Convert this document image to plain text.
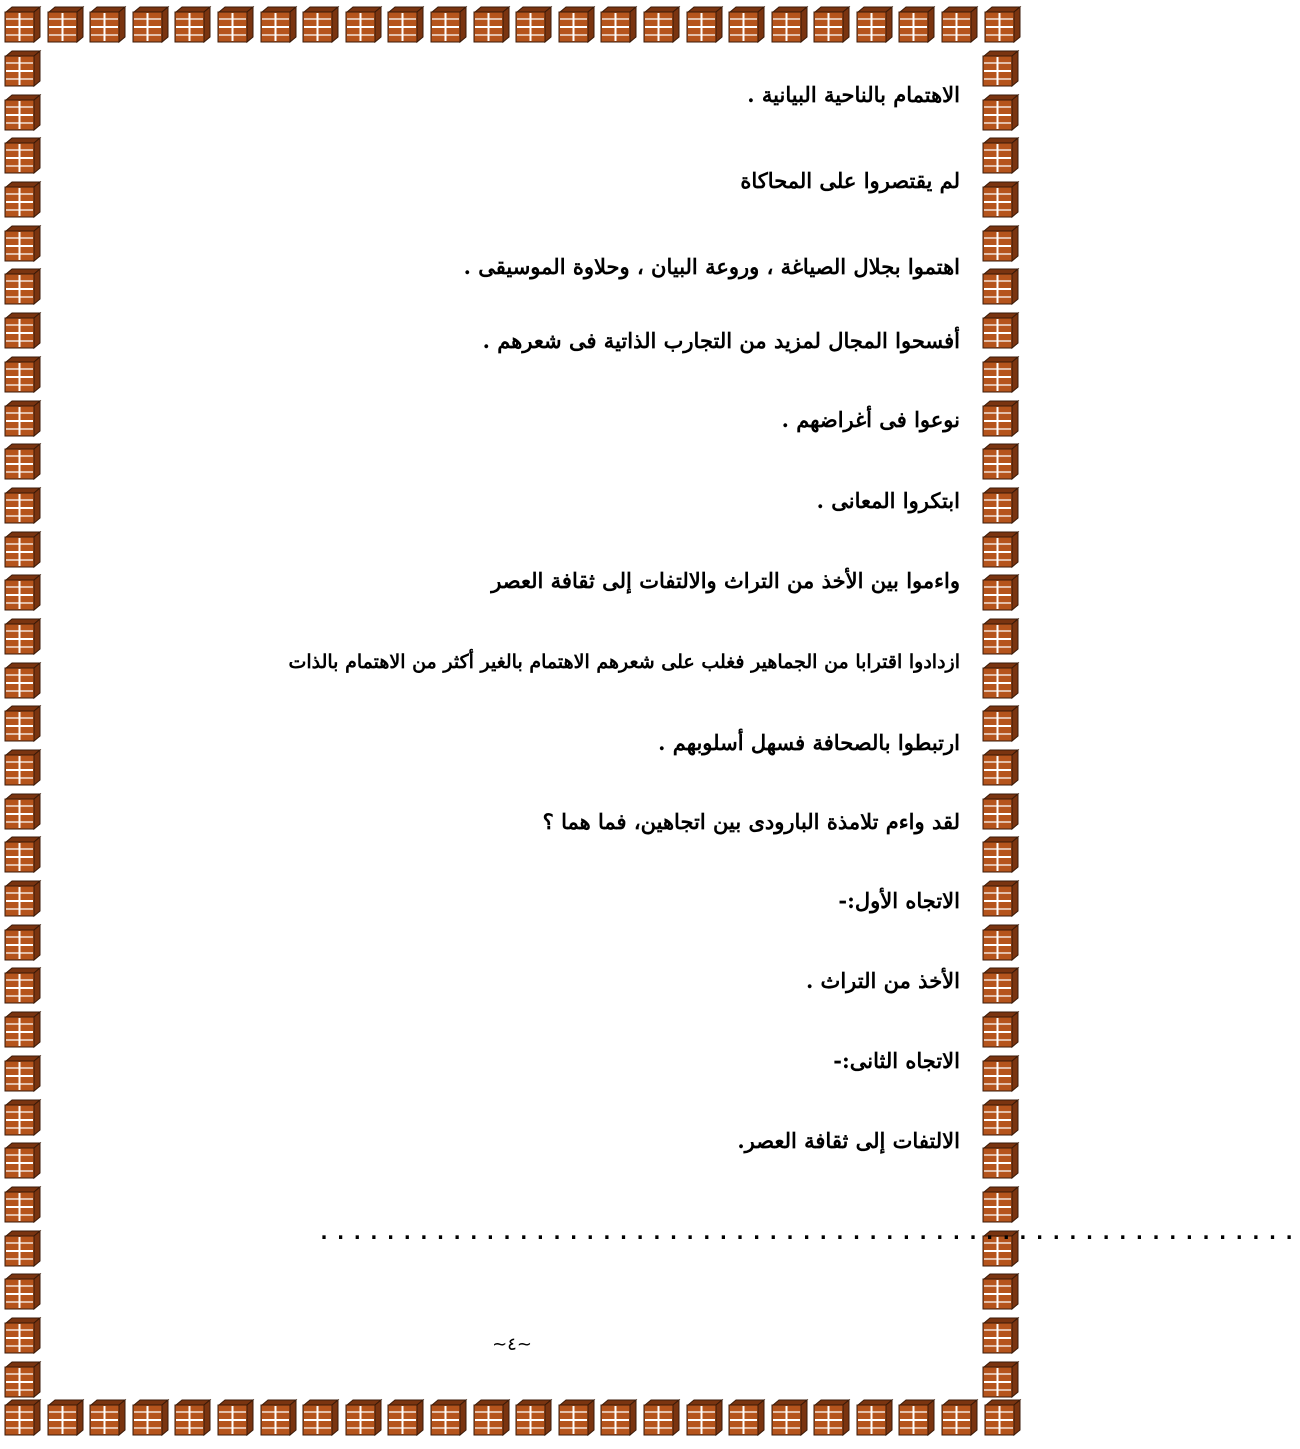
الاهتمام بالناحية البيانية .
لم يقتصروا على المحاكاة
اهتموا بجلال الصياغة ، وروعة البيان ، وحلاوة الموسيقى .
أفسحوا المجال لمزيد من التجارب الذاتية فى شعرهم .
نوعوا فى أغراضهم .
ابتكروا المعانى .
واءموا بين الأخذ من التراث والالتفات إلى ثقافة العصر
ازدادوا اقترابا من الجماهير فغلب على شعرهم الاهتمام بالغير أكثر من الاهتمام بالذات
ارتبطوا بالصحافة فسهل أسلوبهم .
لقد واءم تلامذة البارودى بين اتجاهين، فما هما ؟
الاتجاه الأول:-
الأخذ من التراث .
الاتجاه الثانى:-
الالتفات إلى ثقافة العصر.
...........................................................
~٤~
